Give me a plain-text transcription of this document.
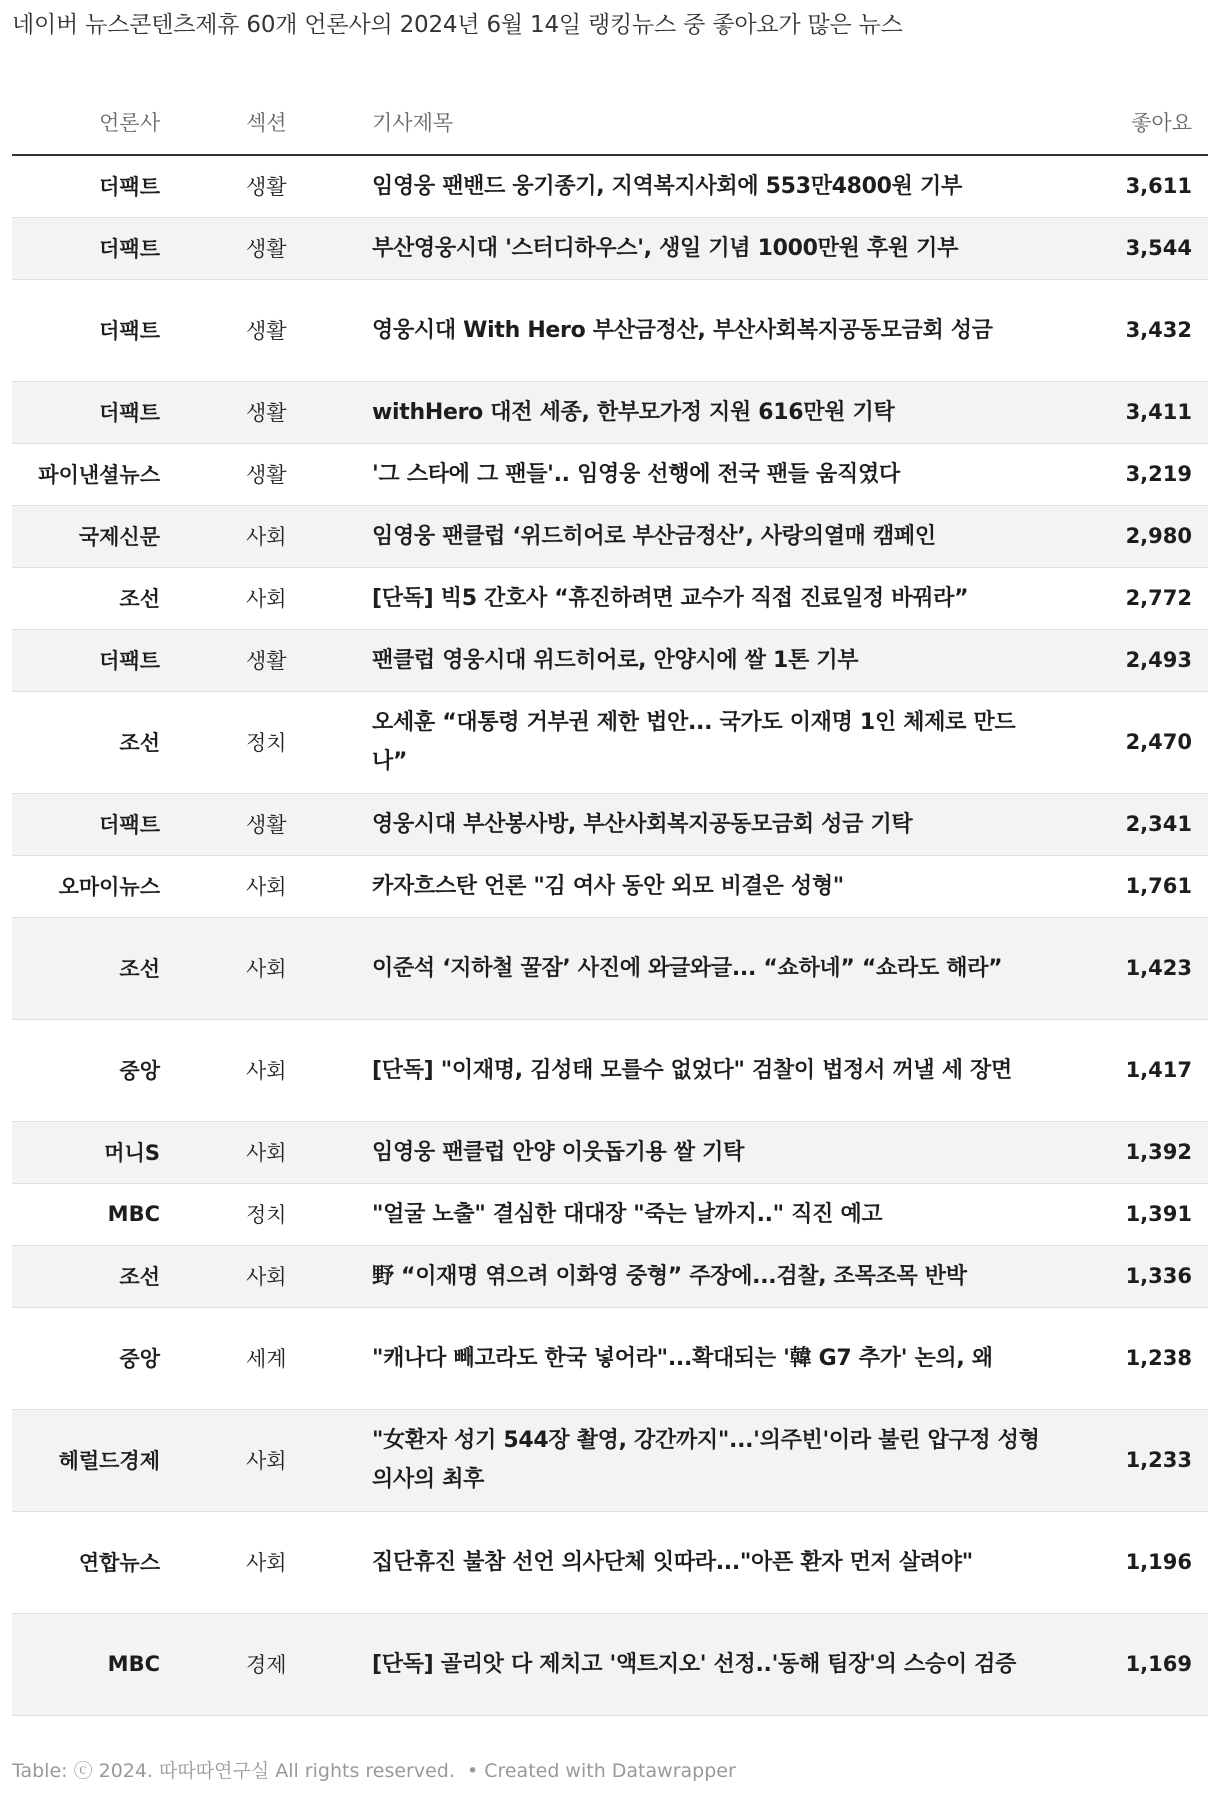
네이버 뉴스콘텐츠제휴 60개 언론사의 2024년 6월 14일 랭킹뉴스 중 좋아요가 많은 뉴스
언론사	섹션	기사제목	좋아요
더팩트	생활	임영웅 팬밴드 웅기종기, 지역복지사회에 553만4800원 기부	3,611
더팩트	생활	부산영웅시대 '스터디하우스', 생일 기념 1000만원 후원 기부	3,544
더팩트	생활	영웅시대 With Hero 부산금정산, 부산사회복지공동모금회 성금	3,432
더팩트	생활	withHero 대전 세종, 한부모가정 지원 616만원 기탁	3,411
파이낸셜뉴스	생활	'그 스타에 그 팬들'.. 임영웅 선행에 전국 팬들 움직였다	3,219
국제신문	사회	임영웅 팬클럽 ‘위드히어로 부산금정산’, 사랑의열매 캠페인	2,980
조선	사회	[단독] 빅5 간호사 “휴진하려면 교수가 직접 진료일정 바꿔라”	2,772
더팩트	생활	팬클럽 영웅시대 위드히어로, 안양시에 쌀 1톤 기부	2,493
조선	정치	오세훈 “대통령 거부권 제한 법안... 국가도 이재명 1인 체제로 만드나”	2,470
더팩트	생활	영웅시대 부산봉사방, 부산사회복지공동모금회 성금 기탁	2,341
오마이뉴스	사회	카자흐스탄 언론 "김 여사 동안 외모 비결은 성형"	1,761
조선	사회	이준석 ‘지하철 꿀잠’ 사진에 와글와글... “쇼하네” “쇼라도 해라”	1,423
중앙	사회	[단독] "이재명, 김성태 모를수 없었다" 검찰이 법정서 꺼낼 세 장면	1,417
머니S	사회	임영웅 팬클럽 안양 이웃돕기용 쌀 기탁	1,392
MBC	정치	"얼굴 노출" 결심한 대대장 "죽는 날까지.." 직진 예고	1,391
조선	사회	野 “이재명 엮으려 이화영 중형” 주장에...검찰, 조목조목 반박	1,336
중앙	세계	"캐나다 빼고라도 한국 넣어라"...확대되는 '韓 G7 추가' 논의, 왜	1,238
헤럴드경제	사회	"女환자 성기 544장 촬영, 강간까지"...'의주빈'이라 불린 압구정 성형의사의 최후	1,233
연합뉴스	사회	집단휴진 불참 선언 의사단체 잇따라..."아픈 환자 먼저 살려야"	1,196
MBC	경제	[단독] 골리앗 다 제치고 '액트지오' 선정..'동해 팀장'의 스승이 검증	1,169
Table: ⓒ 2024. 따따따연구실 All rights reserved. • Created with Datawrapper
